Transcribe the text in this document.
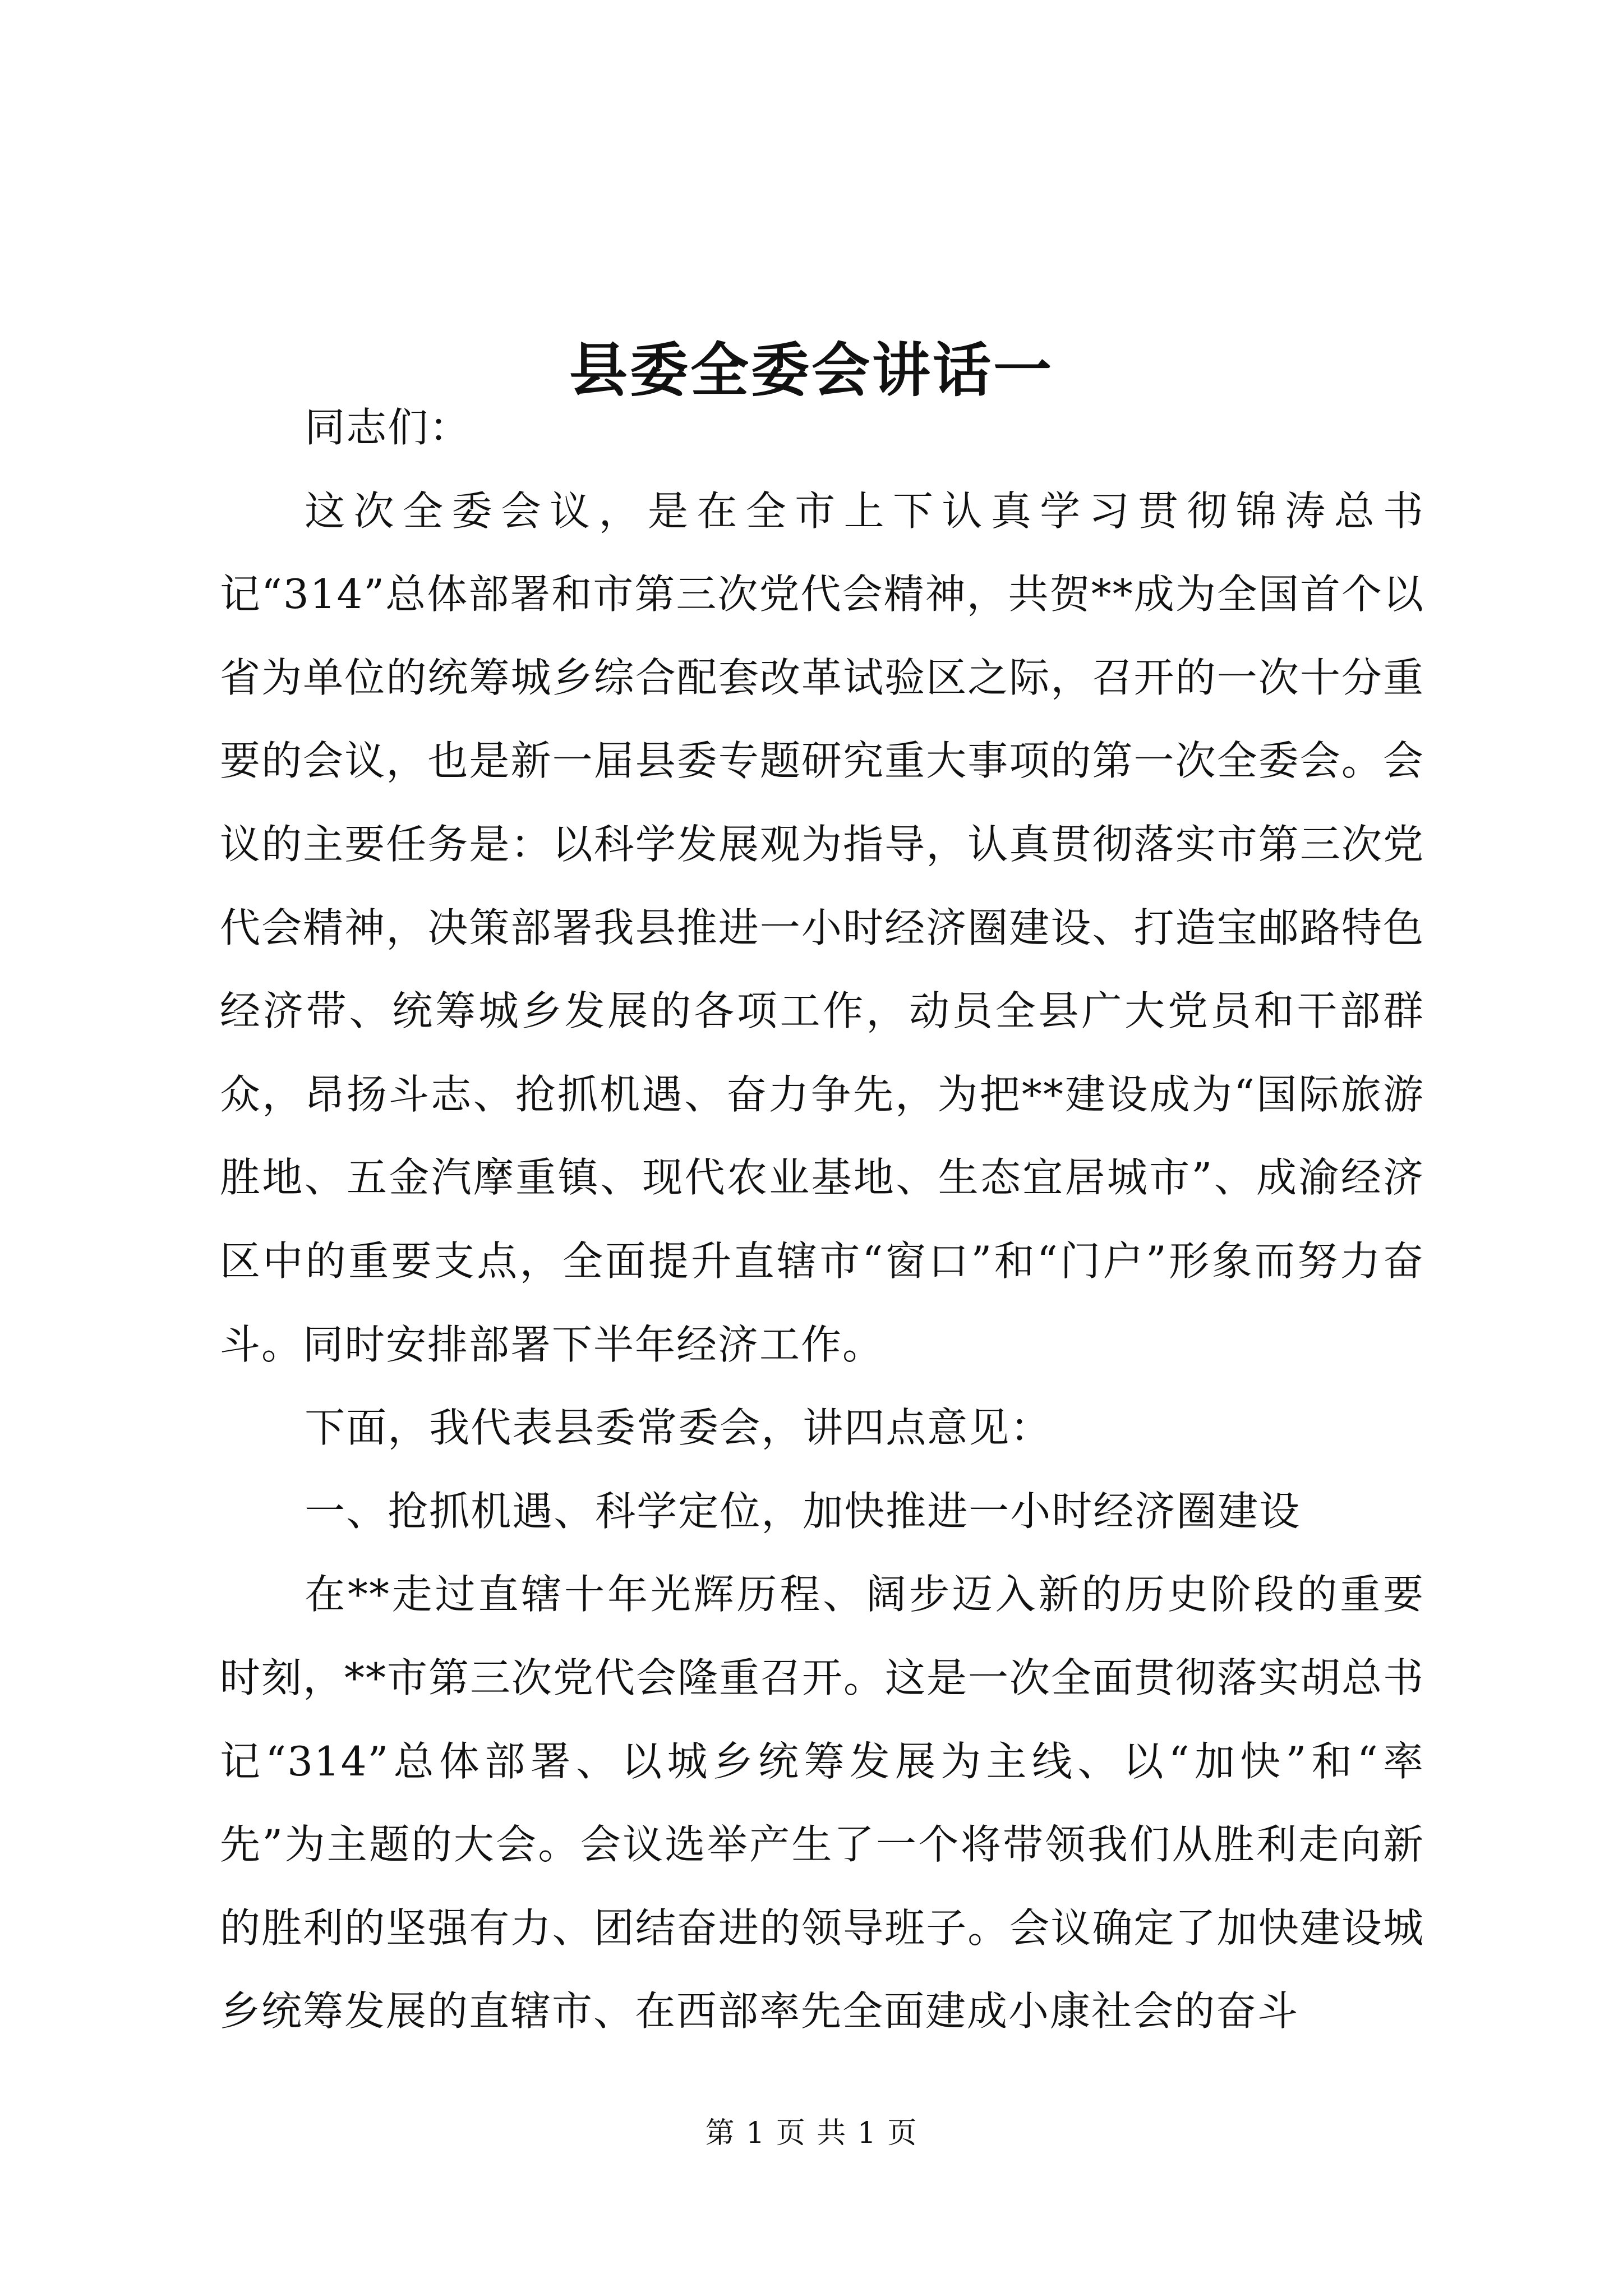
县委全委会讲话一

同志们：

这次全委会议，是在全市上下认真学习贯彻锦涛总书记“314”总体部署和市第三次党代会精神，共贺**成为全国首个以省为单位的统筹城乡综合配套改革试验区之际，召开的一次十分重要的会议，也是新一届县委专题研究重大事项的第一次全委会。会议的主要任务是：以科学发展观为指导，认真贯彻落实市第三次党代会精神，决策部署我县推进一小时经济圈建设、打造宝邮路特色经济带、统筹城乡发展的各项工作，动员全县广大党员和干部群众，昂扬斗志、抢抓机遇、奋力争先，为把**建设成为“国际旅游胜地、五金汽摩重镇、现代农业基地、生态宜居城市”、成渝经济区中的重要支点，全面提升直辖市“窗口”和“门户”形象而努力奋斗。同时安排部署下半年经济工作。

下面，我代表县委常委会，讲四点意见：

一、抢抓机遇、科学定位，加快推进一小时经济圈建设

在**走过直辖十年光辉历程、阔步迈入新的历史阶段的重要时刻，**市第三次党代会隆重召开。这是一次全面贯彻落实胡总书记“314”总体部署、以城乡统筹发展为主线、以“加快”和“率先”为主题的大会。会议选举产生了一个将带领我们从胜利走向新的胜利的坚强有力、团结奋进的领导班子。会议确定了加快建设城乡统筹发展的直辖市、在西部率先全面建成小康社会的奋斗

第 1 页 共 1 页
